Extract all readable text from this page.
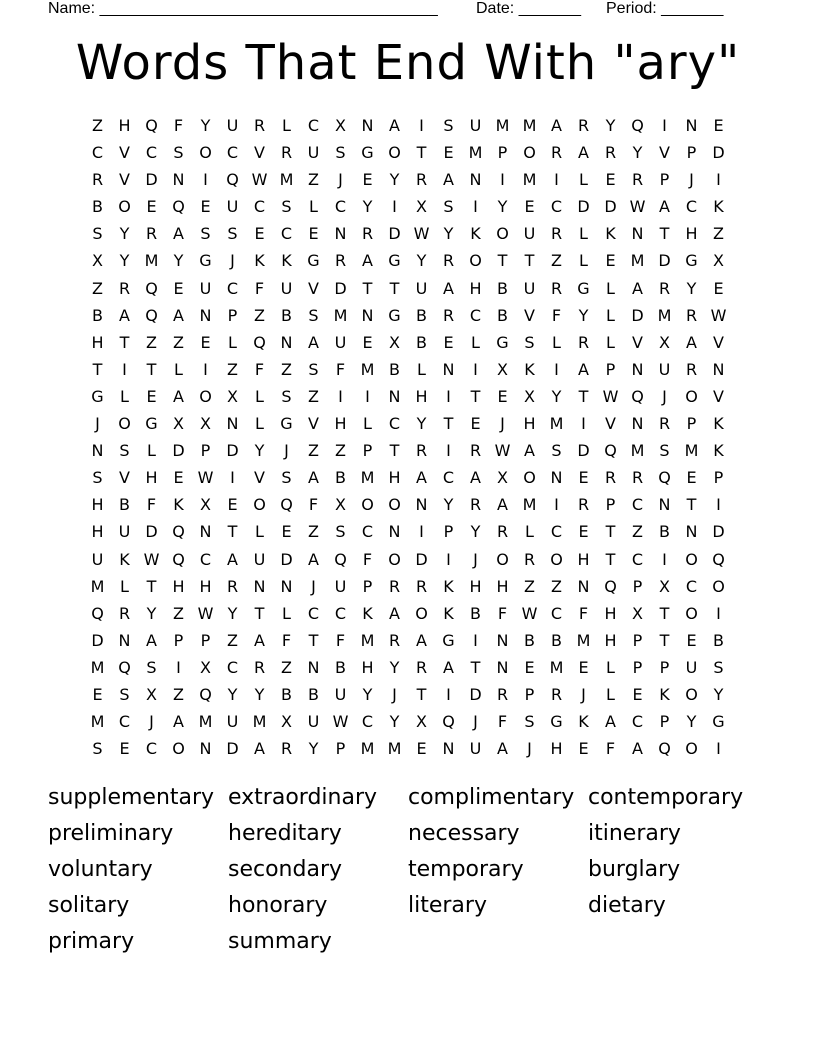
Name: ______________________________________ Date: _______ Period: _______
Words That End With "ary"
Z H Q	F	Y	U R	L	C X N A	I	S	U M M A R	Y Q	I	N E
C V C	S O C V R U	S G O T	E M P O R A R	Y	V	P	D
R V D N	I	Q W M Z	J	E	Y	R A N	I	M	I	L	E	R	P	J	I
B O E Q E	U C	S	L	C	Y	I	X	S	I	Y	E	C D D W A C	K
S	Y	R A	S	S	E	C	E N R D W Y	K O U R	L	K N	T	H Z
X	Y M Y G	J	K	K G R A G Y	R O T	T	Z	L	E M D G X
Z R Q E	U C	F	U V D T	T	U A H B U R G	L	A R	Y	E
B	A Q A N	P	Z	B	S M N G B R C B	V	F	Y	L	D M R W
H	T	Z	Z	E	L	Q N A U	E	X	B	E	L	G S	L	R	L	V	X	A	V
T	I	T	L	I	Z	F	Z	S	F M B	L	N	I	X	K	I	A	P	N U R N
G	L	E	A O X	L	S	Z	I	I	N H	I	T	E	X	Y	T W Q	J	O V
J	O G X	X N	L	G V H	L	C	Y	T	E	J	H M	I	V N R	P	K
N S	L	D	P	D Y	J	Z	Z	P	T	R	I	R W A	S D Q M S M K
S	V H E W	I	V	S	A	B M H A C A	X O N E	R R Q E	P
H B	F	K	X	E O Q	F	X O O N	Y	R A M	I	R	P	C N	T	I
H U D Q N	T	L	E	Z	S	C N	I	P	Y	R	L	C	E	T	Z	B N D
U K W Q C A U D A Q	F	O D	I	J	O R O H	T	C	I	O Q
M L	T	H H R N N	J	U	P	R R	K H H Z	Z N Q P	X C O
Q R	Y	Z W Y	T	L	C C	K	A O K	B	F W C	F	H X	T O	I
D N A	P	P	Z	A	F	T	F M R A G	I	N B	B M H	P	T	E	B
M Q S	I	X C R Z N B H	Y	R A	T	N E M E	L	P	P	U	S
E	S	X	Z Q Y	Y	B	B U	Y	J	T	I	D R	P	R	J	L	E	K O Y
M C	J	A M U M X U W C	Y	X Q	J	F	S G K	A C	P	Y G
S	E	C O N D A R	Y	P M M E N U A	J	H E	F	A Q O	I
supplementary extraordinary	complimentary contemporary
preliminary	hereditary	necessary	itinerary
voluntary	secondary	temporary	burglary
solitary	honorary	literary	dietary
primary	summary
